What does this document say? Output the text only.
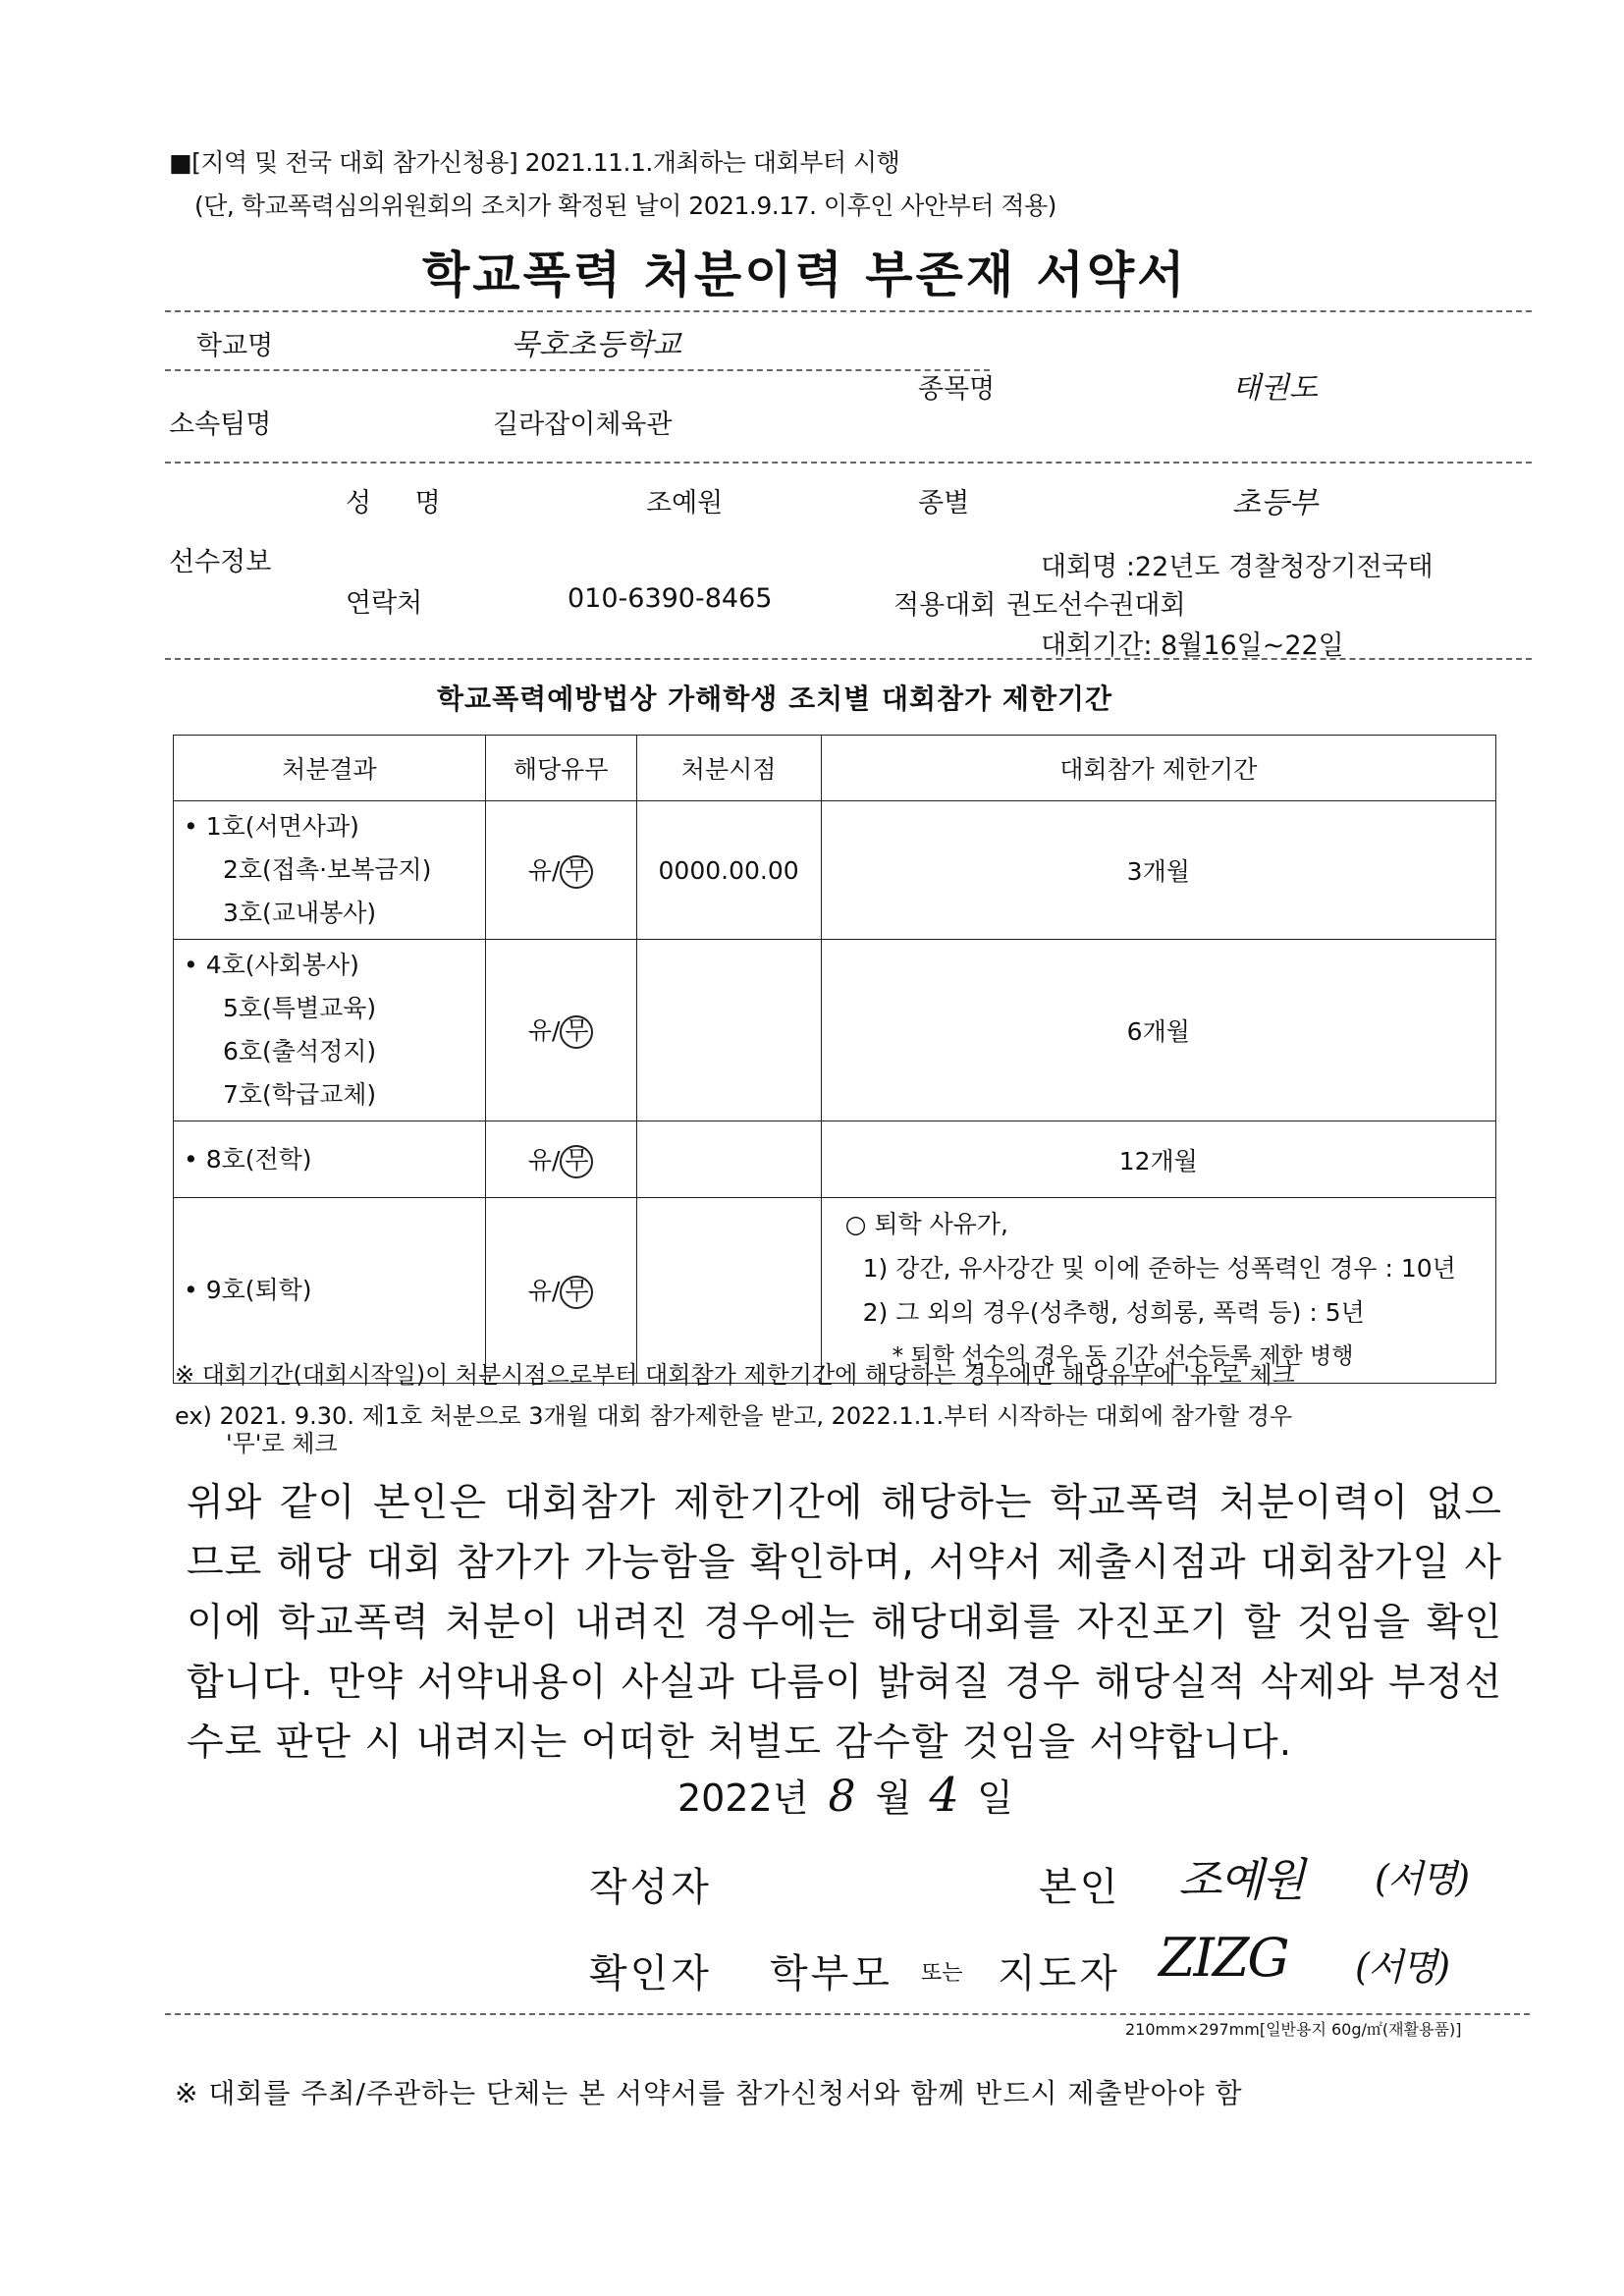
■[지역 및 전국 대회 참가신청용] 2021.11.1.개최하는 대회부터 시행
(단, 학교폭력심의위원회의 조치가 확정된 날이 2021.9.17. 이후인 사안부터 적용)
학교폭력 처분이력 부존재 서약서
학교명	묵호초등학교
종목명	태권도
소속팀명	길라잡이체육관
성 명	조예원	종별	초등부
선수정보	대회명 :22년도 경찰청장기전국태
연락처	010-6390-8465	적용대회 권도선수권대회
대회기간: 8월16일~22일
학교폭력예방법상 가해학생 조치별 대회참가 제한기간
처분결과	해당유무	처분시점	대회참가 제한기간
• 1호(서면사과)
2호(접촉·보복금지)
3호(교내봉사)	유/ 무	0000.00.00	3개월
• 4호(사회봉사)
5호(특별교육)
6호(출석정지)
7호(학급교체)	유/ 무		6개월
• 8호(전학)	유/ 무		12개월
• 9호(퇴학)	유/ 무		○ 퇴학 사유가,
1) 강간, 유사강간 및 이에 준하는 성폭력인 경우 : 10년
2) 그 외의 경우(성추행, 성희롱, 폭력 등) : 5년
* 퇴학 선수의 경우 동 기간 선수등록 제한 병행
※ 대회기간(대회시작일)이 처분시점으로부터 대회참가 제한기간에 해당하는 경우에만 해당유무에 '유'로 체크
ex) 2021. 9.30. 제1호 처분으로 3개월 대회 참가제한을 받고, 2022.1.1.부터 시작하는 대회에 참가할 경우
'무'로 체크
위와 같이 본인은 대회참가 제한기간에 해당하는 학교폭력 처분이력이 없으므로 해당 대회 참가가 가능함을 확인하며, 서약서 제출시점과 대회참가일 사이에 학교폭력 처분이 내려진 경우에는 해당대회를 자진포기 할 것임을 확인합니다. 만약 서약내용이 사실과 다름이 밝혀질 경우 해당실적 삭제와 부정선수로 판단 시 내려지는 어떠한 처벌도 감수할 것임을 서약합니다.
2022년 8 월 4 일
작성자	본인 조예원 (서명)
확인자 학부모 또는 지도자 ZIZG (서명)
210mm×297mm[일반용지 60g/㎡(재활용품)]
※ 대회를 주최/주관하는 단체는 본 서약서를 참가신청서와 함께 반드시 제출받아야 함
